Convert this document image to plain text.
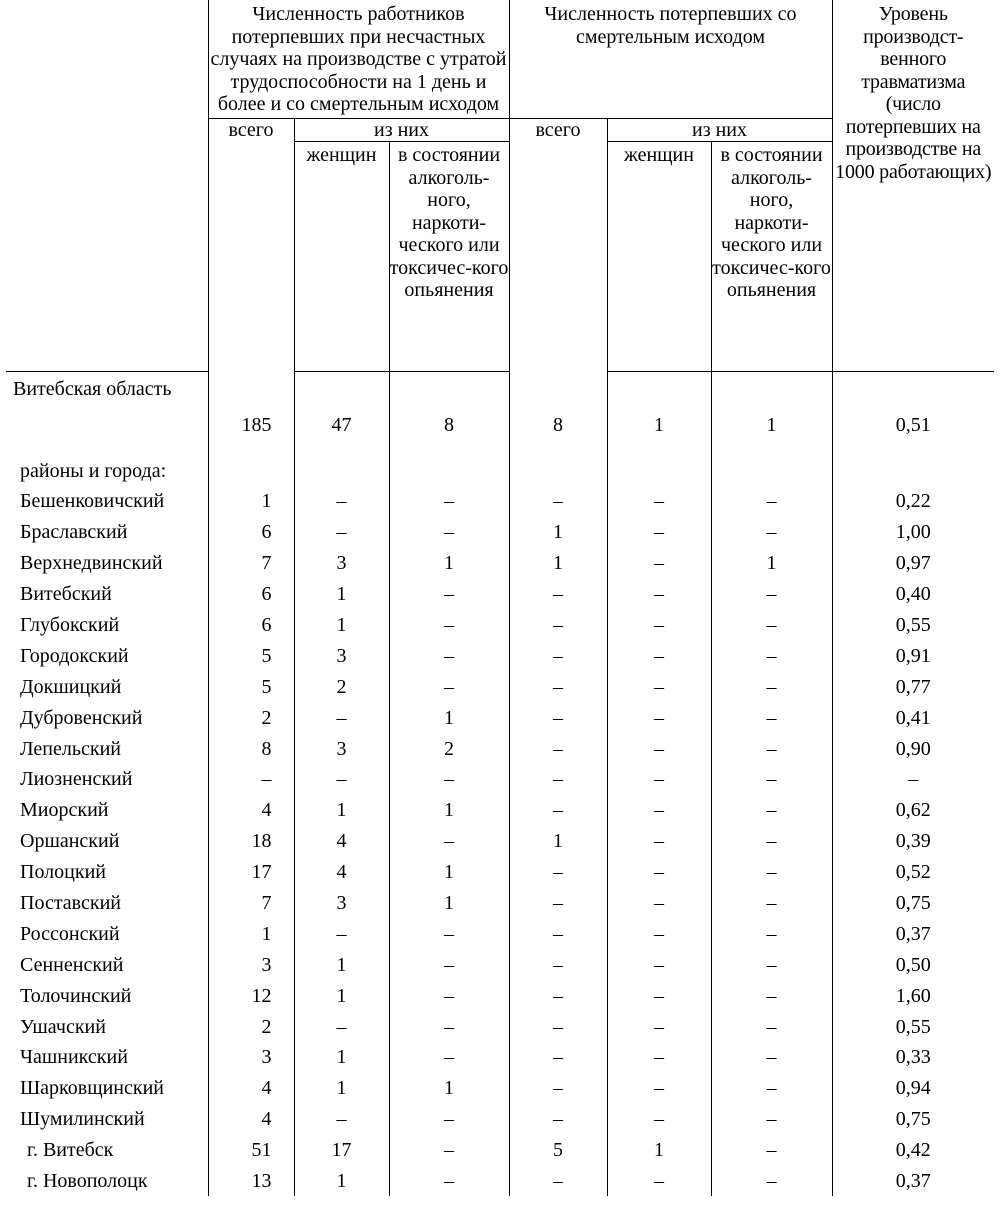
	Численность работников потерпевших при несчастных случаях на производстве с утратой трудоспособности на 1 день и более и со смертельным исходом			Численность потерпевших со смертельным исходом			Уровень производст-венного травматизма (число потерпевших на производстве на 1000 работающих)
	всего	из них		всего	из них		
		женщин	в состоянии алкоголь-ного, наркоти-ческого или токсичес-кого опьянения		женщин	в состоянии алкоголь-ного, наркоти-ческого или токсичес-кого опьянения	
Витебская область	185	47	8	8	1	1	0,51
районы и города:							
Бешенковичский	1	–	–	–	–	–	0,22
Браславский	6	–	–	1	–	–	1,00
Верхнедвинский	7	3	1	1	–	1	0,97
Витебский	6	1	–	–	–	–	0,40
Глубокский	6	1	–	–	–	–	0,55
Городокский	5	3	–	–	–	–	0,91
Докшицкий	5	2	–	–	–	–	0,77
Дубровенский	2	–	1	–	–	–	0,41
Лепельский	8	3	2	–	–	–	0,90
Лиозненский	–	–	–	–	–	–	–
Миорский	4	1	1	–	–	–	0,62
Оршанский	18	4	–	1	–	–	0,39
Полоцкий	17	4	1	–	–	–	0,52
Поставский	7	3	1	–	–	–	0,75
Россонский	1	–	–	–	–	–	0,37
Сенненский	3	1	–	–	–	–	0,50
Толочинский	12	1	–	–	–	–	1,60
Ушачский	2	–	–	–	–	–	0,55
Чашникский	3	1	–	–	–	–	0,33
Шарковщинский	4	1	1	–	–	–	0,94
Шумилинский	4	–	–	–	–	–	0,75
г. Витебск	51	17	–	5	1	–	0,42
г. Новополоцк	13	1	–	–	–	–	0,37
